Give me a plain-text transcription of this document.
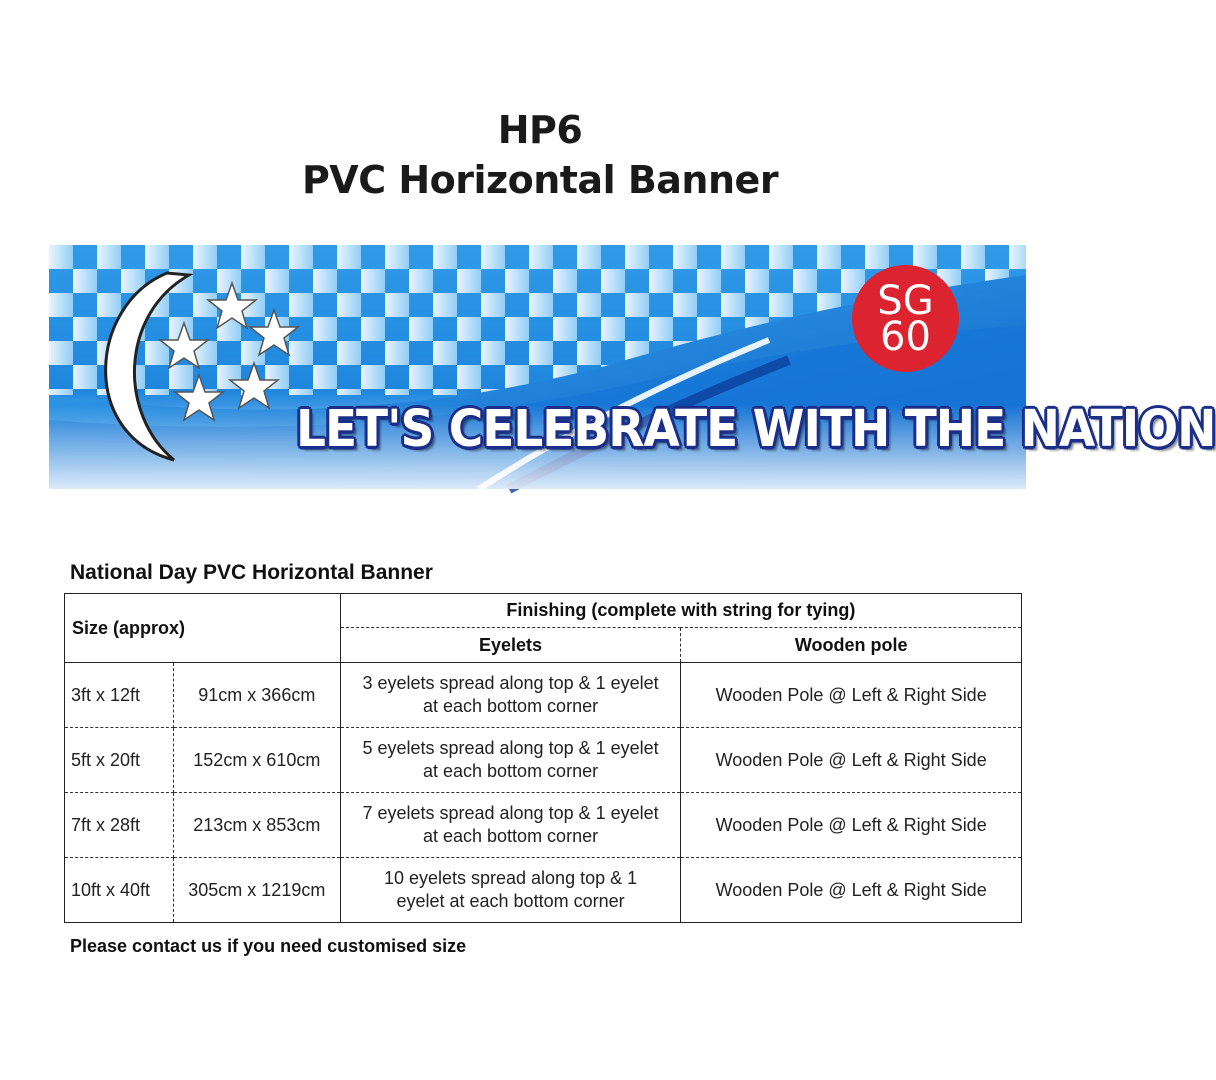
HP6
PVC Horizontal Banner
SG
60
LET'S CELEBRATE WITH THE NATION
National Day PVC Horizontal Banner
Size (approx)		Finishing (complete with string for tying)	
		Eyelets	Wooden pole
3ft x 12ft	91cm x 366cm	3 eyelets spread along top & 1 eyelet
at each bottom corner	Wooden Pole @ Left & Right Side
5ft x 20ft	152cm x 610cm	5 eyelets spread along top & 1 eyelet
at each bottom corner	Wooden Pole @ Left & Right Side
7ft x 28ft	213cm x 853cm	7 eyelets spread along top & 1 eyelet
at each bottom corner	Wooden Pole @ Left & Right Side
10ft x 40ft	305cm x 1219cm	10 eyelets spread along top & 1
eyelet at each bottom corner	Wooden Pole @ Left & Right Side
Please contact us if you need customised size
